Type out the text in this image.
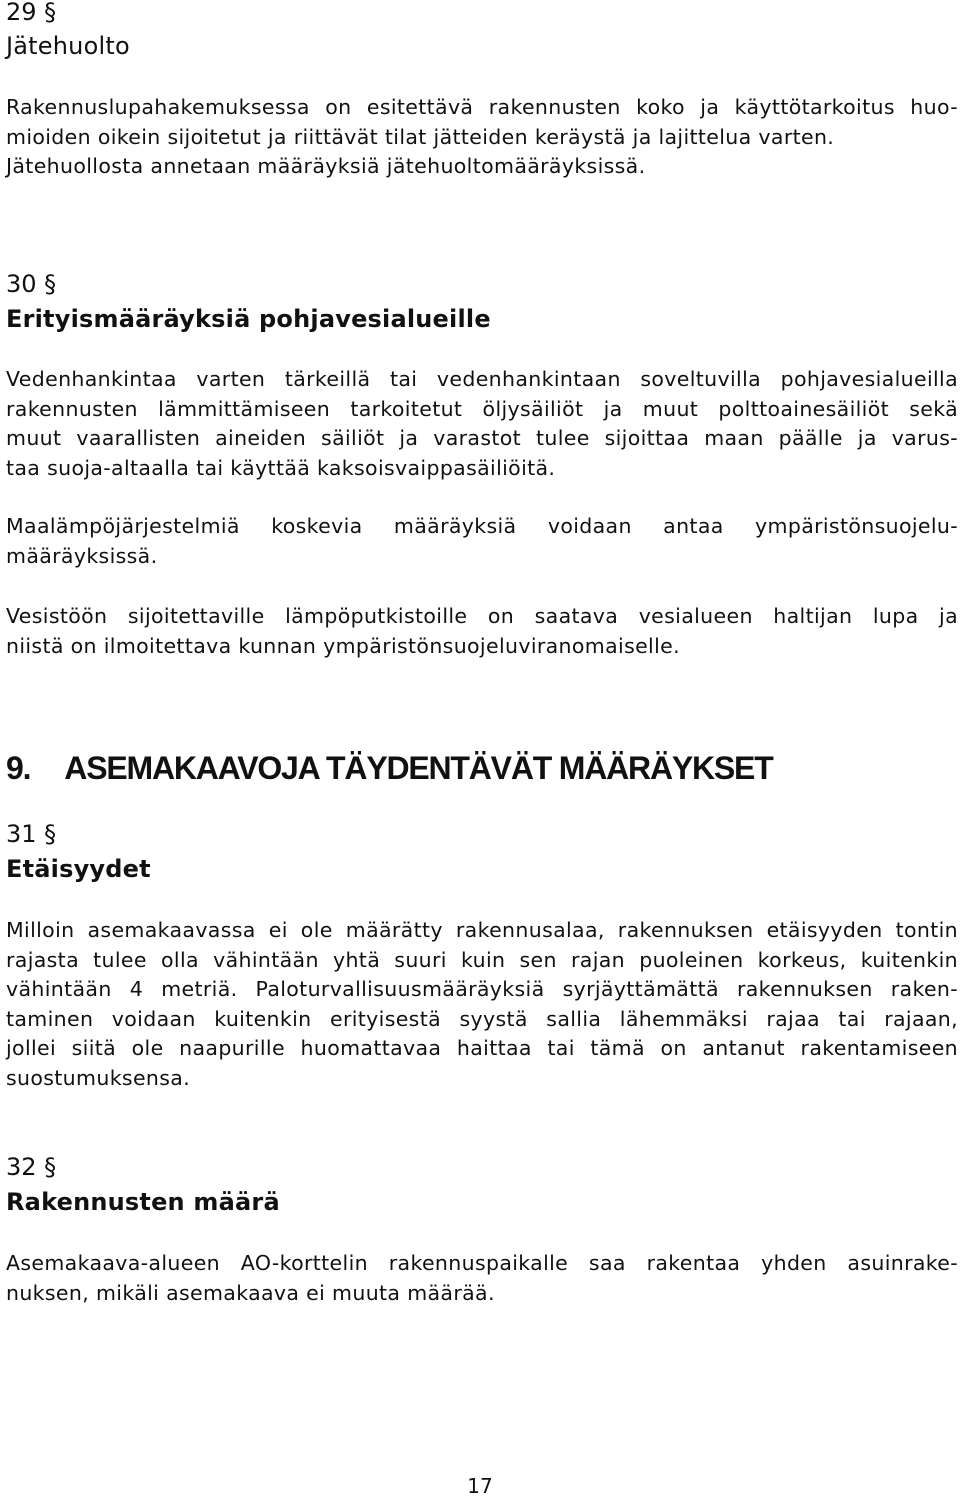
29 §
Jätehuolto
Rakennuslupahakemuksessa on esitettävä rakennusten koko ja käyttötarkoitus huo-
mioiden oikein sijoitetut ja riittävät tilat jätteiden keräystä ja lajittelua varten.
Jätehuollosta annetaan määräyksiä jätehuoltomääräyksissä.
30 §
Erityismääräyksiä pohjavesialueille
Vedenhankintaa varten tärkeillä tai vedenhankintaan soveltuvilla pohjavesialueilla
rakennusten lämmittämiseen tarkoitetut öljysäiliöt ja muut polttoainesäiliöt sekä
muut vaarallisten aineiden säiliöt ja varastot tulee sijoittaa maan päälle ja varus-
taa suoja-altaalla tai käyttää kaksoisvaippasäiliöitä.
Maalämpöjärjestelmiä koskevia määräyksiä voidaan antaa ympäristönsuojelu-
määräyksissä.
Vesistöön sijoitettaville lämpöputkistoille on saatava vesialueen haltijan lupa ja
niistä on ilmoitettava kunnan ympäristönsuojeluviranomaiselle.
9. ASEMAKAAVOJA TÄYDENTÄVÄT MÄÄRÄYKSET
31 §
Etäisyydet
Milloin asemakaavassa ei ole määrätty rakennusalaa, rakennuksen etäisyyden tontin
rajasta tulee olla vähintään yhtä suuri kuin sen rajan puoleinen korkeus, kuitenkin
vähintään 4 metriä. Paloturvallisuusmääräyksiä syrjäyttämättä rakennuksen raken-
taminen voidaan kuitenkin erityisestä syystä sallia lähemmäksi rajaa tai rajaan,
jollei siitä ole naapurille huomattavaa haittaa tai tämä on antanut rakentamiseen
suostumuksensa.
32 §
Rakennusten määrä
Asemakaava-alueen AO-korttelin rakennuspaikalle saa rakentaa yhden asuinrake-
nuksen, mikäli asemakaava ei muuta määrää.
17
